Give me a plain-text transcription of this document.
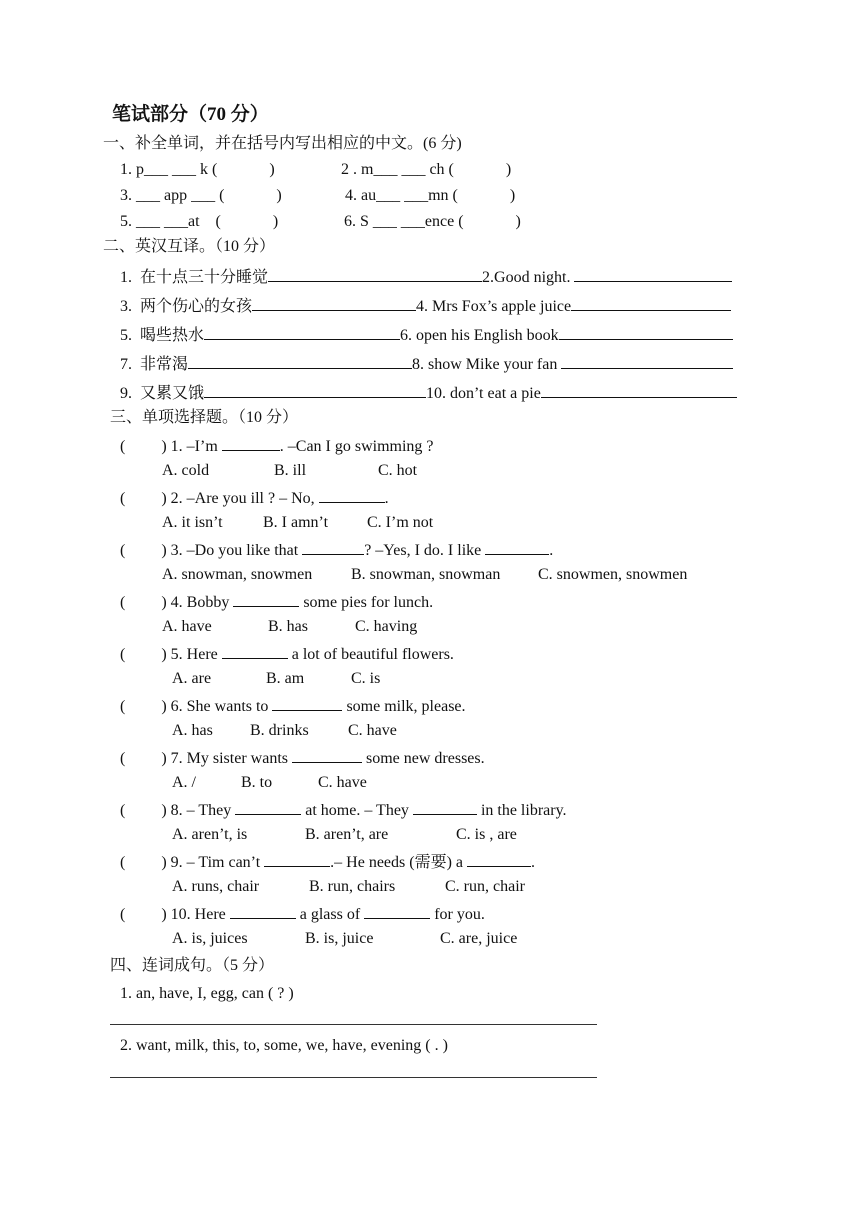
笔试部分（70 分）
一、补全单词，并在括号内写出相应的中文。(6 分)
1. p___ ___ k (             )	2 . m___ ___ ch (             )
3. ___ app ___ (             )	4. au___ ___mn (             )
5. ___ ___at    (             )	6. S ___ ___ence (             )
二、英汉互译。（10 分）
1.  在十点三十分睡觉	2.Good night.
3.  两个伤心的女孩	4. Mrs Fox’s apple juice
5.  喝些热水	6. open his English book
7.  非常渴	8. show Mike your fan
9.  又累又饿	10. don’t eat a pie
三、单项选择题。（10 分）
(         ) 1. –I’m	. –Can I go swimming ?
A. cold	B. ill	C. hot
(         ) 2. –Are you ill ? – No,	.
A. it isn’t	B. I amn’t C. I’m not
(         ) 3. –Do you like that	? –Yes, I do. I like	.
A. snowman, snowmen B. snowman, snowman C. snowmen, snowmen
(         ) 4. Bobby	some pies for lunch.
A. have	B. has	C. having
(         ) 5. Here	a lot of beautiful flowers.
A. are	B. am	C. is
(         ) 6. She wants to	some milk, please.
A. has B. drinks C. have
(         ) 7. My sister wants	some new dresses.
A. /	B. to	C. have
(         ) 8. – They	at home. – They	in the library.
A. aren’t, is	B. aren’t, are	C. is , are
(         ) 9. – Tim can’t	.– He needs (需要) a	.
A. runs, chair	B. run, chairs	C. run, chair
(         ) 10. Here	a glass of	for you.
A. is, juices	B. is, juice	C. are, juice
四、连词成句。（5 分）
1. an, have, I, egg, can ( ? )
2. want, milk, this, to, some, we, have, evening ( . )
